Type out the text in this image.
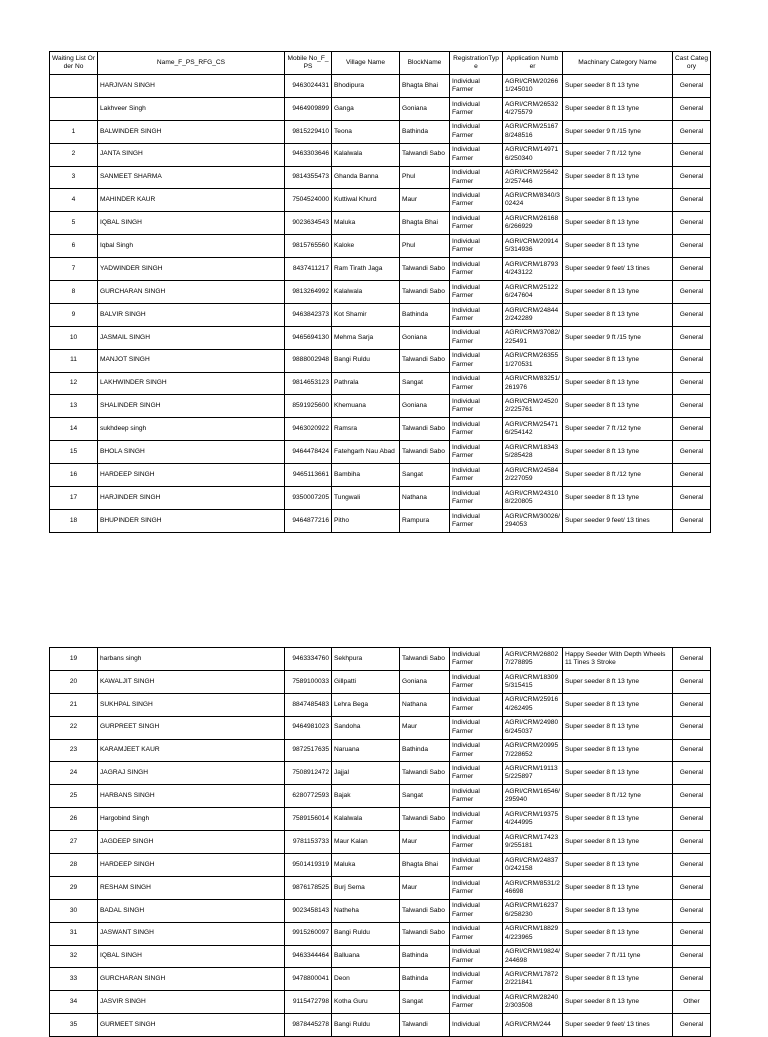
Waiting List Order No	Name_F_PS_RFG_CS	Mobile No_F_PS	Village Name	BlockName	RegistrationType	Application Number	Machinary Category Name	Cast Category
	HARJIVAN SINGH	9463024431	Bhodipura	Bhagta Bhai	Individual Farmer	AGRI/CRM/202661/245010	Super seeder 8 ft 13 tyne	General
	Lakhveer Singh	9464909899	Ganga	Goniana	Individual Farmer	AGRI/CRM/265324/275579	Super seeder 8 ft 13 tyne	General
1	BALWINDER SINGH	9815229410	Teona	Bathinda	Individual Farmer	AGRI/CRM/251678/248516	Super seeder 9 ft /15 tyne	General
2	JANTA SINGH	9463303646	Kalalwala	Talwandi Sabo	Individual Farmer	AGRI/CRM/149716/250340	Super seeder 7 ft /12 tyne	General
3	SANMEET SHARMA	9814355473	Ghanda Banna	Phul	Individual Farmer	AGRI/CRM/256422/257446	Super seeder 8 ft 13 tyne	General
4	MAHINDER KAUR	7504524000	Kuttiwal Khurd	Maur	Individual Farmer	AGRI/CRM/8340/302424	Super seeder 8 ft 13 tyne	General
5	IQBAL SINGH	9023634543	Maluka	Bhagta Bhai	Individual Farmer	AGRI/CRM/261686/266929	Super seeder 8 ft 13 tyne	General
6	Iqbal Singh	9815765560	Kaloke	Phul	Individual Farmer	AGRI/CRM/209145/314936	Super seeder 8 ft 13 tyne	General
7	YADWINDER SINGH	8437411217	Ram Tirath Jaga	Talwandi Sabo	Individual Farmer	AGRI/CRM/187934/243122	Super seeder 9 feet/ 13 tines	General
8	GURCHARAN SINGH	9813264992	Kalalwala	Talwandi Sabo	Individual Farmer	AGRI/CRM/251226/247604	Super seeder 8 ft 13 tyne	General
9	BALVIR SINGH	9463842373	Kot Shamir	Bathinda	Individual Farmer	AGRI/CRM/248442/242289	Super seeder 8 ft 13 tyne	General
10	JASMAIL SINGH	9465694130	Mehma Sarja	Goniana	Individual Farmer	AGRI/CRM/37082/225491	Super seeder 9 ft /15 tyne	General
11	MANJOT SINGH	9888002948	Bangi Ruldu	Talwandi Sabo	Individual Farmer	AGRI/CRM/263551/270531	Super seeder 8 ft 13 tyne	General
12	LAKHWINDER SINGH	9814653123	Pathrala	Sangat	Individual Farmer	AGRI/CRM/83251/261976	Super seeder 8 ft 13 tyne	General
13	SHALINDER SINGH	8591925600	Khemuana	Goniana	Individual Farmer	AGRI/CRM/245202/225761	Super seeder 8 ft 13 tyne	General
14	sukhdeep singh	9463020922	Ramsra	Talwandi Sabo	Individual Farmer	AGRI/CRM/254716/254142	Super seeder 7 ft /12 tyne	General
15	BHOLA SINGH	9464478424	Fatehgarh Nau Abad	Talwandi Sabo	Individual Farmer	AGRI/CRM/183435/285428	Super seeder 8 ft 13 tyne	General
16	HARDEEP SINGH	9465113661	Bambiha	Sangat	Individual Farmer	AGRI/CRM/245842/227059	Super seeder 8 ft /12 tyne	General
17	HARJINDER SINGH	9350007205	Tungwali	Nathana	Individual Farmer	AGRI/CRM/243108/220805	Super seeder 8 ft 13 tyne	General
18	BHUPINDER SINGH	9464877216	Pitho	Rampura	Individual Farmer	AGRI/CRM/30026/294053	Super seeder 9 feet/ 13 tines	General
19	harbans singh	9463334760	Sekhpura	Talwandi Sabo	Individual Farmer	AGRI/CRM/268027/278895	Happy Seeder With Depth Wheels 11 Tines 3 Stroke	General
20	KAWALJIT SINGH	7589100033	Gillpatti	Goniana	Individual Farmer	AGRI/CRM/183095/315415	Super seeder 8 ft 13 tyne	General
21	SUKHPAL SINGH	8847485483	Lehra Bega	Nathana	Individual Farmer	AGRI/CRM/259164/262495	Super seeder 8 ft 13 tyne	General
22	GURPREET SINGH	9464981023	Sandoha	Maur	Individual Farmer	AGRI/CRM/249806/245037	Super seeder 8 ft 13 tyne	General
23	KARAMJEET KAUR	9872517635	Naruana	Bathinda	Individual Farmer	AGRI/CRM/209957/228652	Super seeder 8 ft 13 tyne	General
24	JAGRAJ SINGH	7508912472	Jajjal	Talwandi Sabo	Individual Farmer	AGRI/CRM/191135/225897	Super seeder 8 ft 13 tyne	General
25	HARBANS SINGH	6280772593	Bajak	Sangat	Individual Farmer	AGRI/CRM/16546/295940	Super seeder 8 ft /12 tyne	General
26	Hargobind Singh	7589156014	Kalalwala	Talwandi Sabo	Individual Farmer	AGRI/CRM/193754/244995	Super seeder 8 ft 13 tyne	General
27	JAGDEEP SINGH	9781153733	Maur Kalan	Maur	Individual Farmer	AGRI/CRM/174239/255181	Super seeder 8 ft 13 tyne	General
28	HARDEEP SINGH	9501419319	Maluka	Bhagta Bhai	Individual Farmer	AGRI/CRM/248370/242158	Super seeder 8 ft 13 tyne	General
29	RESHAM SINGH	9876178525	Burj Sema	Maur	Individual Farmer	AGRI/CRM/8531/246698	Super seeder 8 ft 13 tyne	General
30	BADAL SINGH	9023458143	Natheha	Talwandi Sabo	Individual Farmer	AGRI/CRM/162376/258230	Super seeder 8 ft 13 tyne	General
31	JASWANT SINGH	9915260097	Bangi Ruldu	Talwandi Sabo	Individual Farmer	AGRI/CRM/188294/223965	Super seeder 8 ft 13 tyne	General
32	IQBAL SINGH	9463344464	Balluana	Bathinda	Individual Farmer	AGRI/CRM/19824/244698	Super seeder 7 ft /11 tyne	General
33	GURCHARAN SINGH	9478800041	Deon	Bathinda	Individual Farmer	AGRI/CRM/178722/221841	Super seeder 8 ft 13 tyne	General
34	JASVIR SINGH	9115472798	Kotha Guru	Sangat	Individual Farmer	AGRI/CRM/282402/303508	Super seeder 8 ft 13 tyne	Other
35	GURMEET SINGH	9878445278	Bangi Ruldu	Talwandi	Individual	AGRI/CRM/244	Super seeder 9 feet/ 13 tines	General
